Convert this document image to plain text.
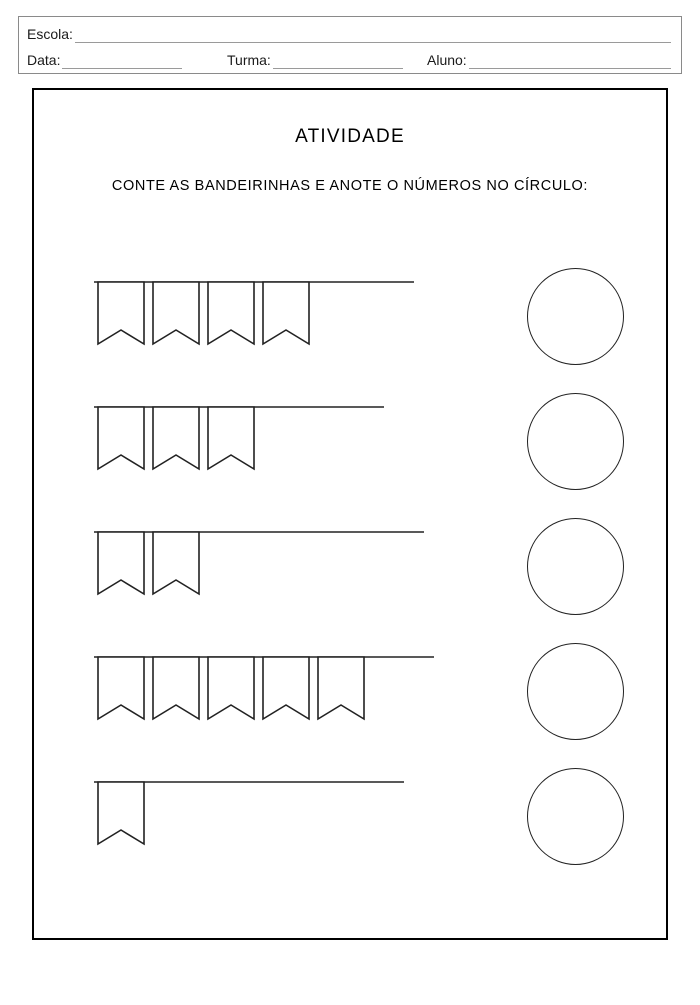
Escola:
Data:	Turma:	Aluno:
ATIVIDADE
CONTE AS BANDEIRINHAS E ANOTE O NÚMEROS NO CÍRCULO:
